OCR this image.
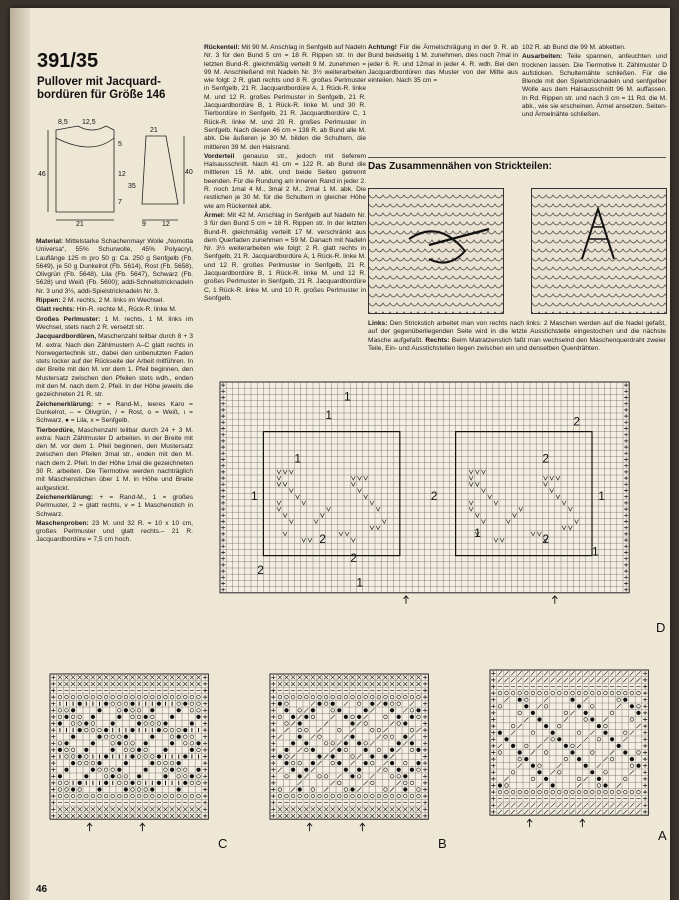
391/35
Pullover mit Jacquard-bordüren für Größe 146
8,5 12,5
21
5
12
46
35
21
40
7
9 12

Material: Mittelstarke Schachenmayr Wolle „Nomotta Universa“, 55% Schurwolle, 45% Polyacryl, Lauflänge 125 m pro 50 g: Ca. 250 g Senfgelb (Fb. 5649), je 50 g Dunkelrot (Fb. 5614), Rost (Fb. 5658), Olivgrün (Fb. 5648), Lila (Fb. 5647), Schwarz (Fb. 5628) und Weiß (Fb. 5600); addi-Schnellstricknadeln Nr. 3 und 3½, addi-Spielstricknadeln Nr. 3.

Rippen: 2 M. rechts, 2 M. links im Wechsel.

Glatt rechts: Hin-R. rechte M., Rück-R. linke M.

Großes Perlmuster: 1 M. rechts, 1 M. links im Wechsel, stets nach 2 R. versetzt str.

Jacquardbordüren, Maschenzahl teilbar durch 8 + 3 M. extra: Nach den Zählmustern A–C glatt rechts in Norwegertechnik str., dabei den unbenutzten Faden stets locker auf der Rückseite der Arbeit mitführen. In der Breite mit den M. vor dem 1. Pfeil beginnen, den Mustersatz zwischen den Pfeilen stets wdh., enden mit den M. nach dem 2. Pfeil. In der Höhe jeweils die gezeichneten 21 R. str.

Zeichenerklärung: + = Rand-M., leeres Karo = Dunkelrot, – = Olivgrün, / = Rost, o = Weiß, ı = Schwarz, ● = Lila, x = Senfgelb.

Tierbordüre, Maschenzahl teilbar durch 24 + 3 M. extra: Nach Zählmuster D arbeiten. In der Breite mit den M. vor dem 1. Pfeil beginnen, den Mustersatz zwischen den Pfeilen 3mal str., enden mit den M. nach dem 2. Pfeil. In der Höhe 1mal die gezeichneten 30 R. arbeiten. Die Tiermotive werden nachträglich mit Maschenstichen über 1 M. in Höhe und Breite aufgestickt.

Zeichenerklärung: + = Rand-M., 1 = großes Perlmuster, 2 = glatt rechts, v = 1 Maschenstich in Schwarz.

Maschenproben: 23 M. und 32 R. = 10 x 10 cm, großes Perlmuster und glatt rechts.– 21 R. Jacquardbordüre = 7,5 cm hoch.

Rückenteil: Mit 90 M. Anschlag in Senfgelb auf Nadeln Nr. 3 für den Bund 5 cm = 18 R. Rippen str. In der letzten Bund-R. gleichmäßig verteilt 9 M. zunehmen = 99 M. Anschließend mit Nadeln Nr. 3½ weiterarbeiten wie folgt: 2 R. glatt rechts und 8 R. großes Perlmuster in Senfgelb, 21 R. Jacquardbordüre A, 1 Rück-R. linke M. und 12 R. großes Perlmuster in Senfgelb, 21 R. Jacquardbordüre B, 1 Rück-R. linke M. und 30 R. Tierbordüre in Senfgelb, 21 R. Jacquardbordüre C, 1 Rück-R. linke M. und 20 R. großes Perlmuster in Senfgelb. Nach diesen 46 cm = 138 R. ab Bund alle M. abk. Die äußeren je 30 M. bilden die Schultern, die mittleren 39 M. den Halsrand.

Vorderteil genauso str., jedoch mit tieferem Halsausschnitt. Nach 41 cm = 122 R. ab Bund die mittleren 15 M. abk. und beide Seiten getrennt beenden. Für die Rundung am inneren Rand in jeder 2. R. noch 1mal 4 M., 3mal 2 M., 2mal 1 M. abk. Die restlichen je 30 M. für die Schultern in gleicher Höhe wie am Rückenteil abk.

Ärmel: Mit 42 M. Anschlag in Senfgelb auf Nadeln Nr. 3 für den Bund 5 cm = 18 R. Rippen str. In der letzten Bund-R. gleichmäßig verteilt 17 M. verschränkt aus dem Querfaden zunehmen = 59 M. Danach mit Nadeln Nr. 3½ weiterarbeiten wie folgt: 2 R. glatt rechts in Senfgelb, 21 R. Jacquardbordüre A, 1 Rück-R. linke M. und 12 R. großes Perlmuster in Senfgelb, 21 R. Jacquardbordüre B, 1 Rück-R. linke M. und 12 R. großes Perlmuster in Senfgelb, 21 R. Jacquardbordüre C, 1 Rück-R. linke M. und 10 R. großes Perlmuster in Senfgelb.

Achtung! Für die Ärmelschrägung in der 9. R. ab Bund beidseitig 1 M. zunehmen, dies noch 7mal in jeder 6. R. und 12mal in jeder 4. R. wdh. Bei den Jacquardbordüren das Muster von der Mitte aus einteilen. Nach 35 cm =

102 R. ab Bund die 99 M. abketten.

Ausarbeiten: Teile spannen, anfeuchten und trocknen lassen. Die Tiermotive lt. Zählmuster D aufsticken. Schulternähte schließen. Für die Blende mit den Spielstricknadeln und senfgelber Wolle aus dem Halsausschnitt 96 M. auffassen. In Rd. Rippen str. und nach 3 cm = 11 Rd. die M. abk., wie sie erscheinen. Ärmel ansetzen. Seiten- und Ärmelnähte schließen.

Das Zusammennähen von Strickteilen:
Links: Den Strickstich arbeitet man von rechts nach links: 2 Maschen werden auf die Nadel gefaßt, auf der gegenüberliegenden Seite wird in die letzte Ausstichstelle eingestochen und die nächste Masche aufgefaßt. Rechts: Beim Matratzenstich faßt man wechselnd den Maschenquerdraht zweier Teile, Ein- und Ausstichstellen liegen zwischen ein und denselben Querdrähten.
1
2
1
1
2
2
1
2	2
1
1
1
1
2
2
D
C	B
A
46
